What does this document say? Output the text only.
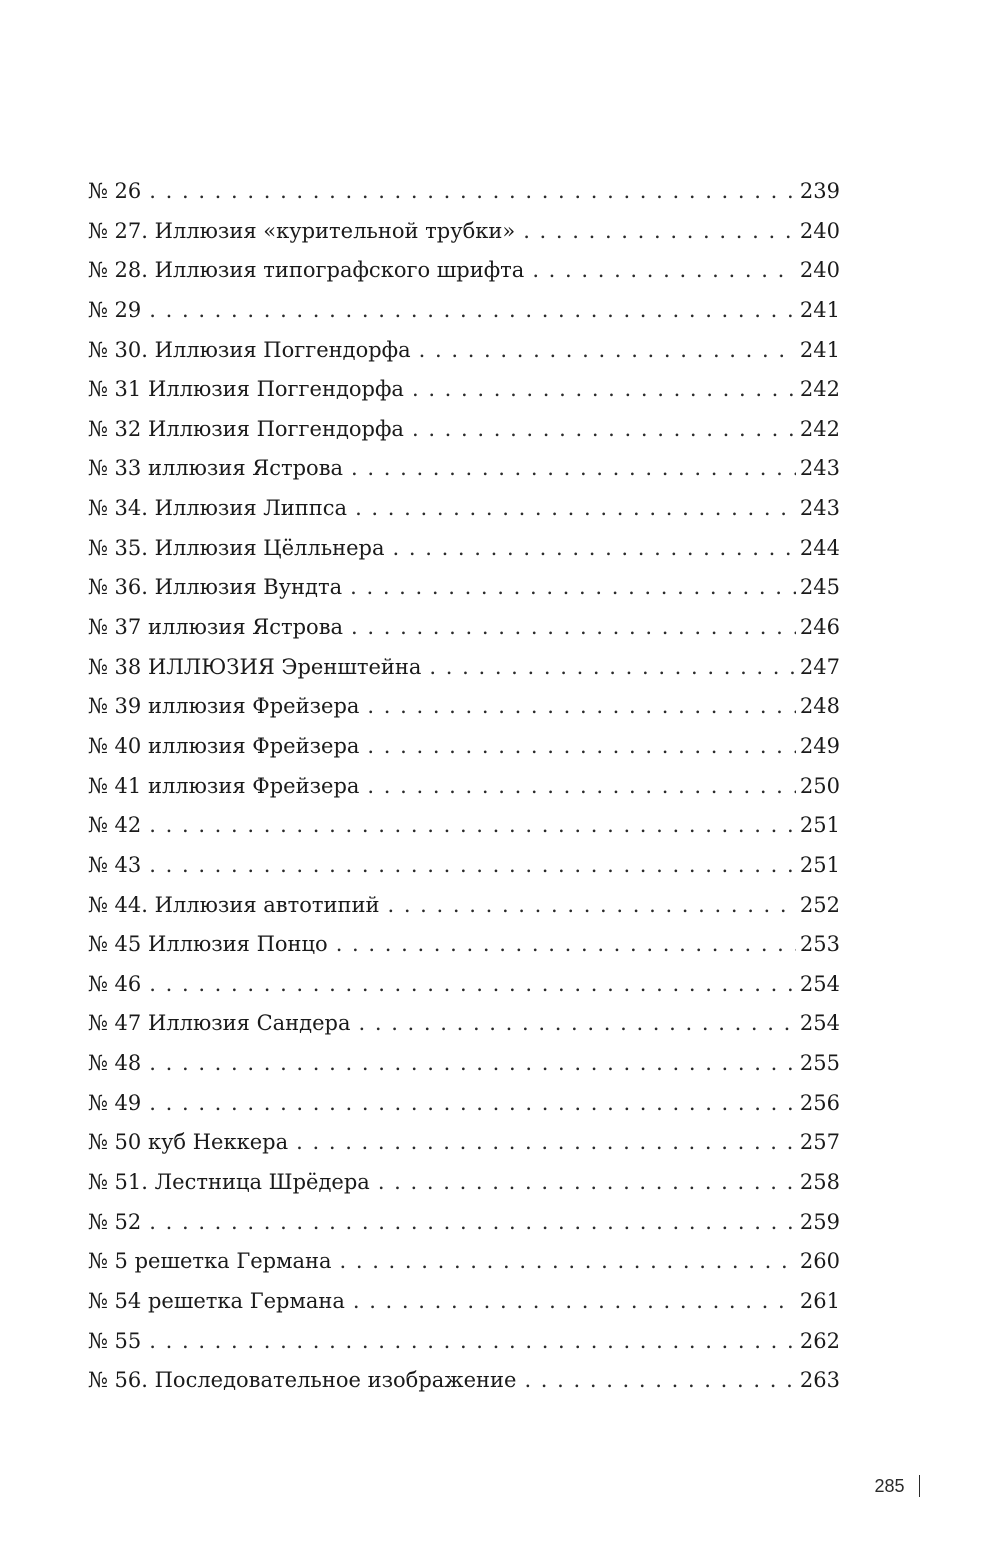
№ 26 . . .	239
№ 27. Иллюзия «курительной трубки» . . .	240
№ 28. Иллюзия типографского шрифта . . .	240
№ 29 . . .	241
№ 30. Иллюзия Поггендорфа . . .	241
№ 31 Иллюзия Поггендорфа . . .	242
№ 32 Иллюзия Поггендорфа . . .	242
№ 33 иллюзия Ястрова . . .	243
№ 34. Иллюзия Липпса . . .	243
№ 35. Иллюзия Цёлльнера . . .	244
№ 36. Иллюзия Вундта . . .	245
№ 37 иллюзия Ястрова . . .	246
№ 38 ИЛЛЮЗИЯ Эренштейна . . .	247
№ 39 иллюзия Фрейзера . . .	248
№ 40 иллюзия Фрейзера . . .	249
№ 41 иллюзия Фрейзера . . .	250
№ 42 . . .	251
№ 43 . . .	251
№ 44. Иллюзия автотипий . . .	252
№ 45 Иллюзия Понцо . . .	253
№ 46 . . .	254
№ 47 Иллюзия Сандера . . .	254
№ 48 . . .	255
№ 49 . . .	256
№ 50 куб Неккера . . .	257
№ 51. Лестница Шрёдера . . .	258
№ 52 . . .	259
№ 5 решетка Германа . . .	260
№ 54 решетка Германа . . .	261
№ 55 . . .	262
№ 56. Последовательное изображение . . .	263
285
